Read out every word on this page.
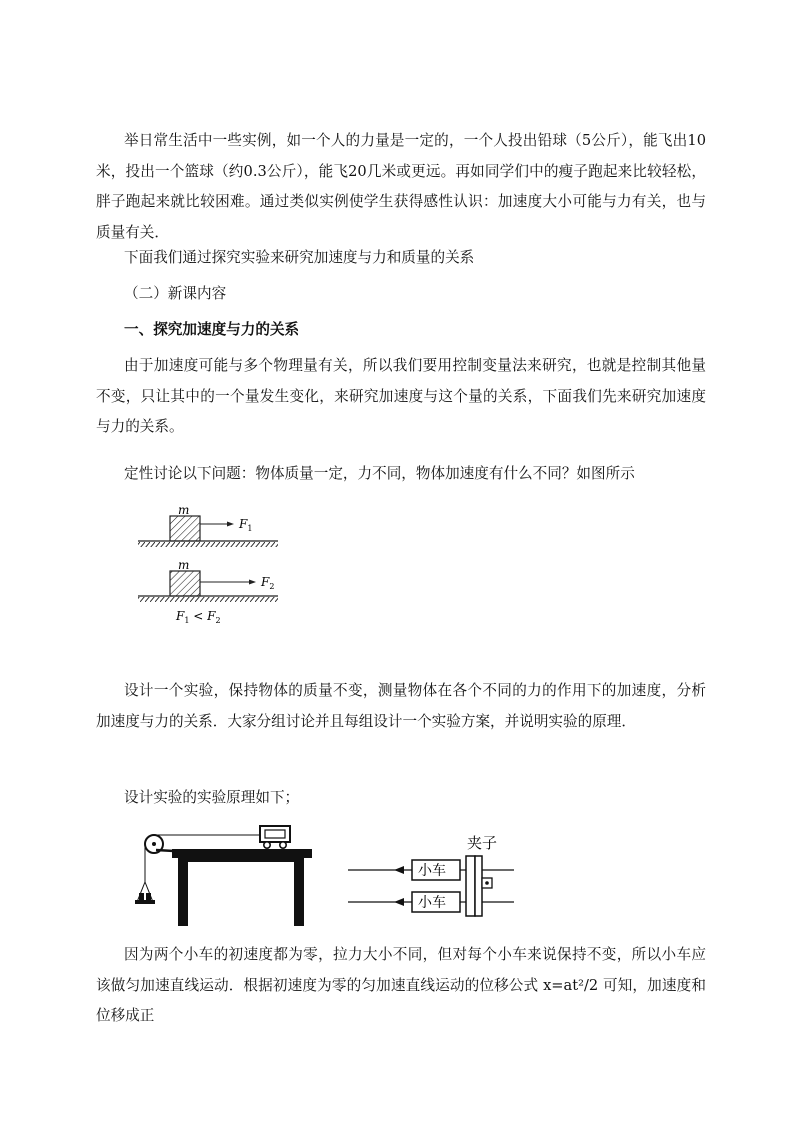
举日常生活中一些实例，如一个人的力量是一定的，一个人投出铅球（5公斤），能飞出10米，投出一个篮球（约0.3公斤），能飞20几米或更远。再如同学们中的瘦子跑起来比较轻松，胖子跑起来就比较困难。通过类似实例使学生获得感性认识：加速度大小可能与力有关，也与质量有关．

下面我们通过探究实验来研究加速度与力和质量的关系

（二）新课内容

一、探究加速度与力的关系

由于加速度可能与多个物理量有关，所以我们要用控制变量法来研究，也就是控制其他量不变，只让其中的一个量发生变化，来研究加速度与这个量的关系，下面我们先来研究加速度与力的关系。

定性讨论以下问题：物体质量一定，力不同，物体加速度有什么不同？如图所示

m
$F_1$
m
$F_2$
$F_1 < F_2$

设计一个实验，保持物体的质量不变，测量物体在各个不同的力的作用下的加速度，分析加速度与力的关系．大家分组讨论并且每组设计一个实验方案，并说明实验的原理．

设计实验的实验原理如下；

夹子
小车
小车

因为两个小车的初速度都为零，拉力大小不同，但对每个小车来说保持不变，所以小车应该做匀加速直线运动．根据初速度为零的匀加速直线运动的位移公式 x=at²/2 可知，加速度和位移成正
